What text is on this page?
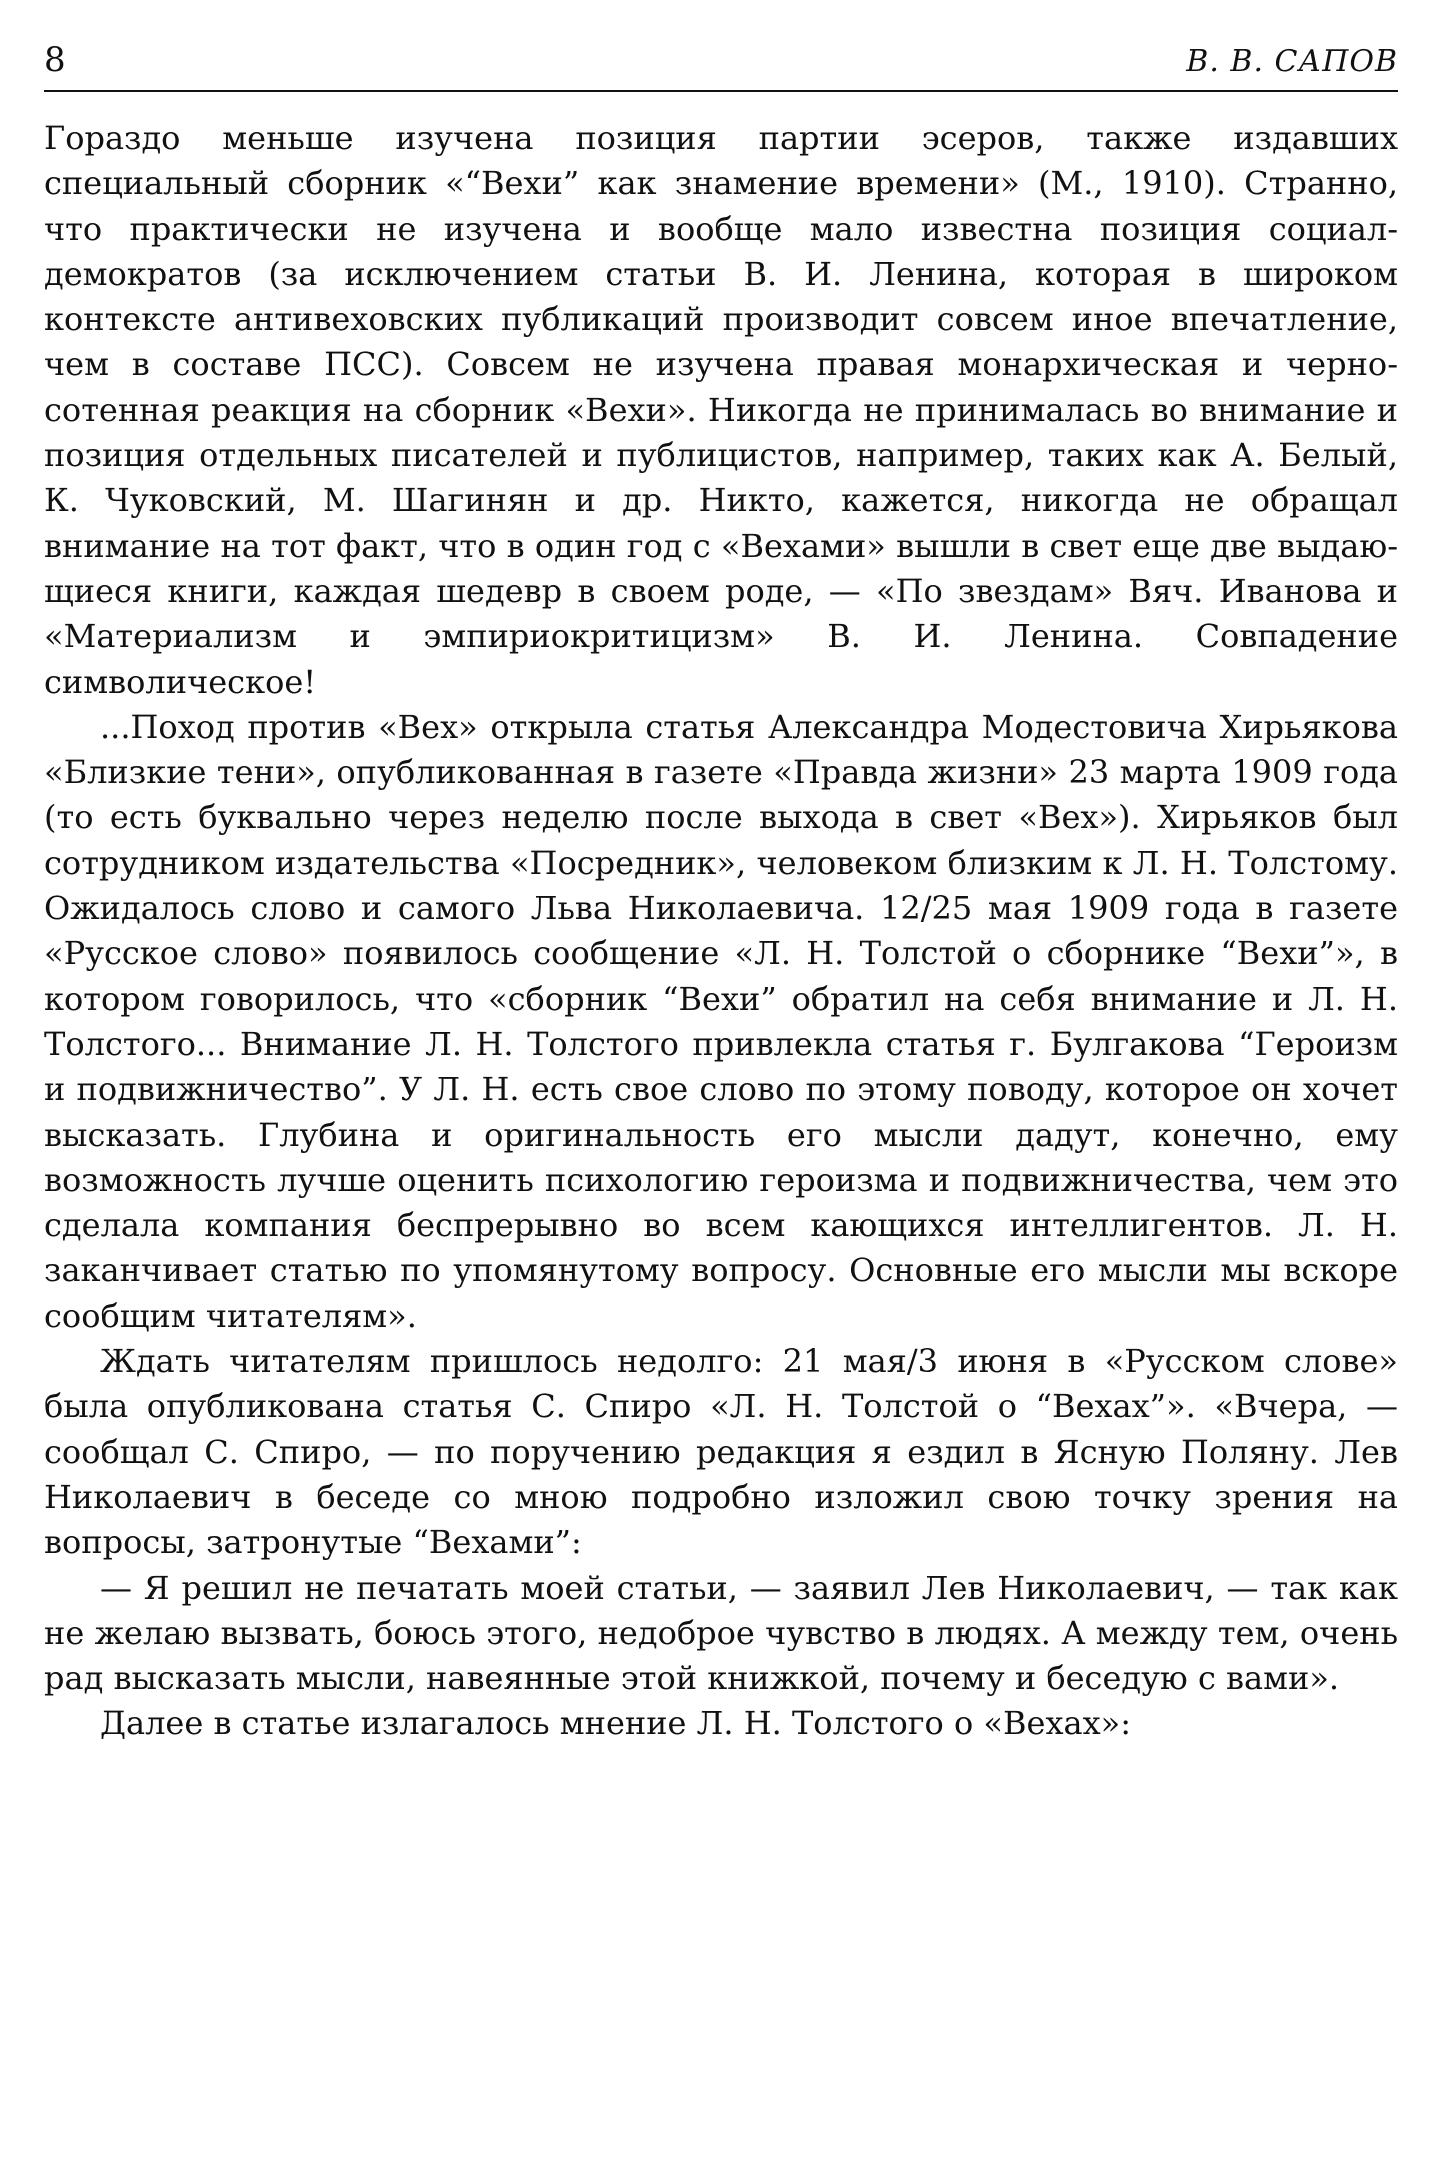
8	В. В. САПОВ

Гораздо меньше изучена позиция партии эсеров, также издавших специальный сборник «“Вехи” как знамение времени» (М., 1910). Странно, что практически не изучена и вообще мало известна позиция социал-демократов (за исключением статьи В. И. Ленина, которая в широком контексте антивеховских публикаций производит совсем иное впечатление, чем в составе ПСС). Совсем не изучена правая монархическая и черносотенная реакция на сборник «Вехи». Никогда не принималась во внимание и позиция отдельных писателей и публицистов, например, таких как А. Белый, К. Чуковский, М. Шагинян и др. Никто, кажется, никогда не обращал внимание на тот факт, что в один год с «Вехами» вышли в свет еще две выдающиеся книги, каждая шедевр в своем роде, — «По звездам» Вяч. Иванова и «Материализм и эмпириокритицизм» В. И. Ленина. Совпадение символическое!

...Поход против «Вех» открыла статья Александра Модестовича Хирьякова «Близкие тени», опубликованная в газете «Правда жизни» 23 марта 1909 года (то есть буквально через неделю после выхода в свет «Вех»). Хирьяков был сотрудником издательства «Посредник», человеком близким к Л. Н. Толстому. Ожидалось слово и самого Льва Николаевича. 12/25 мая 1909 года в газете «Русское слово» появилось сообщение «Л. Н. Толстой о сборнике “Вехи”», в котором говорилось, что «сборник “Вехи” обратил на себя внимание и Л. Н. Толстого... Внимание Л. Н. Толстого привлекла статья г. Булгакова “Героизм и подвижничество”. У Л. Н. есть свое слово по этому поводу, которое он хочет высказать. Глубина и оригинальность его мысли дадут, конечно, ему возможность лучше оценить психологию героизма и подвижничества, чем это сделала компания беспрерывно во всем кающихся интеллигентов. Л. Н. заканчивает статью по упомянутому вопросу. Основные его мысли мы вскоре сообщим читателям».

Ждать читателям пришлось недолго: 21 мая/3 июня в «Русском слове» была опубликована статья С. Спиро «Л. Н. Толстой о “Вехах”». «Вчера, — сообщал С. Спиро, — по поручению редакция я ездил в Ясную Поляну. Лев Николаевич в беседе со мною подробно изложил свою точку зрения на вопросы, затронутые “Вехами”:

— Я решил не печатать моей статьи, — заявил Лев Николаевич, — так как не желаю вызвать, боюсь этого, недоброе чувство в людях. А между тем, очень рад высказать мысли, навеянные этой книжкой, почему и беседую с вами».

Далее в статье излагалось мнение Л. Н. Толстого о «Вехах»:
